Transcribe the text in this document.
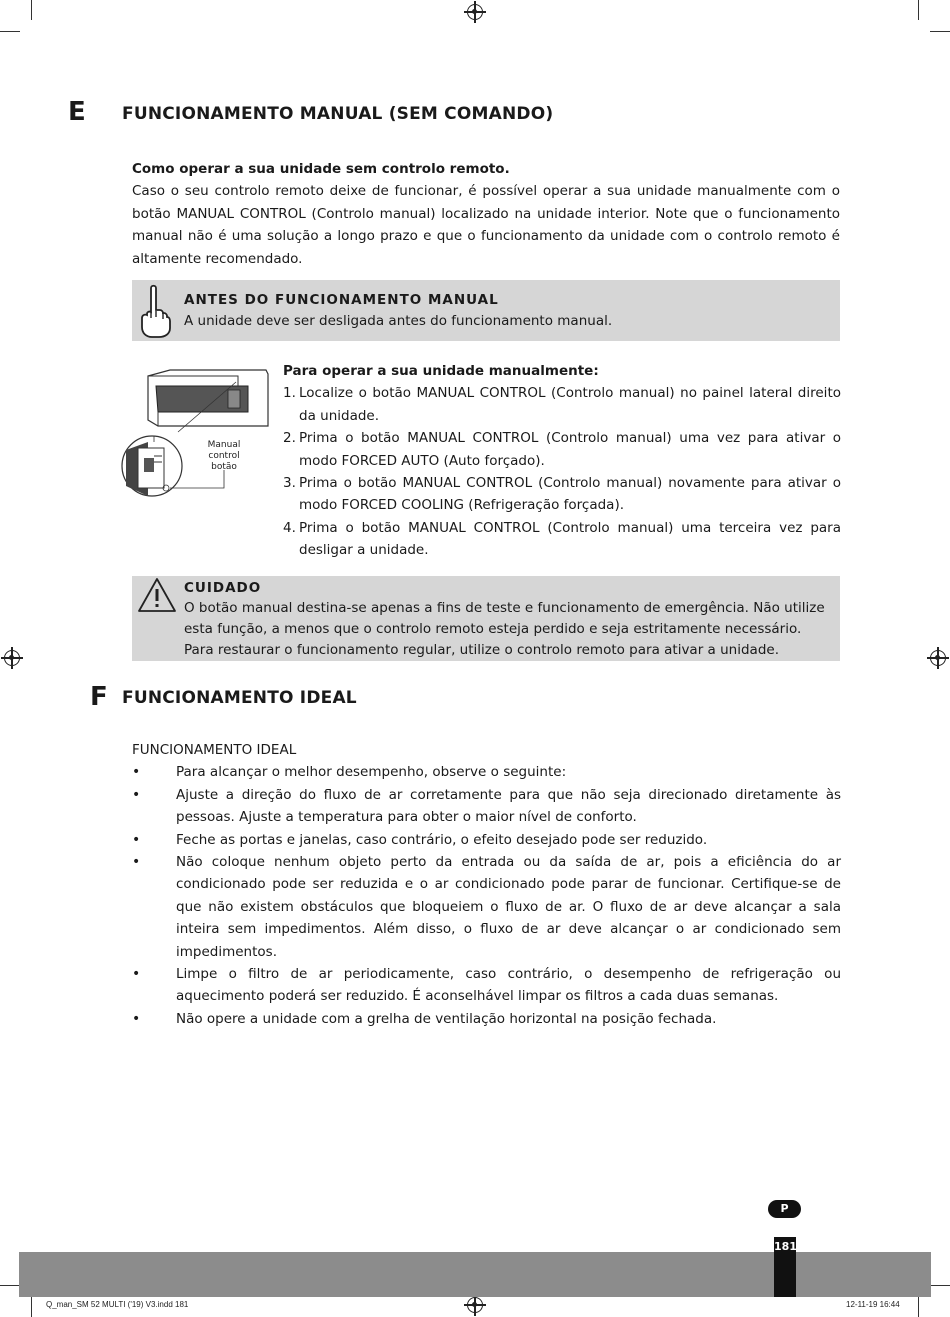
E FUNCIONAMENTO MANUAL (SEM COMANDO)
Como operar a sua unidade sem controlo remoto.
Caso o seu controlo remoto deixe de funcionar, é possível operar a sua unidade manualmente com o botão MANUAL CONTROL (Controlo manual) localizado na unidade interior. Note que o funcionamento manual não é uma solução a longo prazo e que o funcionamento da unidade com o controlo remoto é altamente recomendado.
ANTES DO FUNCIONAMENTO MANUAL
A unidade deve ser desligada antes do funcionamento manual.
Manual
control
botão
Para operar a sua unidade manualmente:
1. Localize o botão MANUAL CONTROL (Controlo manual) no painel lateral direito da unidade.
2. Prima o botão MANUAL CONTROL (Controlo manual) uma vez para ativar o modo FORCED AUTO (Auto forçado).
3. Prima o botão MANUAL CONTROL (Controlo manual) novamente para ativar o modo FORCED COOLING (Refrigeração forçada).
4. Prima o botão MANUAL CONTROL (Controlo manual) uma terceira vez para desligar a unidade.
CUIDADO
O botão manual destina-se apenas a fins de teste e funcionamento de emergência. Não utilize esta função, a menos que o controlo remoto esteja perdido e seja estritamente necessário. Para restaurar o funcionamento regular, utilize o controlo remoto para ativar a unidade.
F FUNCIONAMENTO IDEAL
FUNCIONAMENTO IDEAL
• Para alcançar o melhor desempenho, observe o seguinte:
• Ajuste a direção do fluxo de ar corretamente para que não seja direcionado diretamente às pessoas. Ajuste a temperatura para obter o maior nível de conforto.
• Feche as portas e janelas, caso contrário, o efeito desejado pode ser reduzido.
• Não coloque nenhum objeto perto da entrada ou da saída de ar, pois a eficiência do ar condicionado pode ser reduzida e o ar condicionado pode parar de funcionar. Certifique-se de que não existem obstáculos que bloqueiem o fluxo de ar. O fluxo de ar deve alcançar a sala inteira sem impedimentos. Além disso, o fluxo de ar deve alcançar o ar condicionado sem impedimentos.
• Limpe o filtro de ar periodicamente, caso contrário, o desempenho de refrigeração ou aquecimento poderá ser reduzido. É aconselhável limpar os filtros a cada duas semanas.
• Não opere a unidade com a grelha de ventilação horizontal na posição fechada.
P
181
Q_man_SM 52 MULTI ('19) V3.indd 181	12-11-19 16:44
